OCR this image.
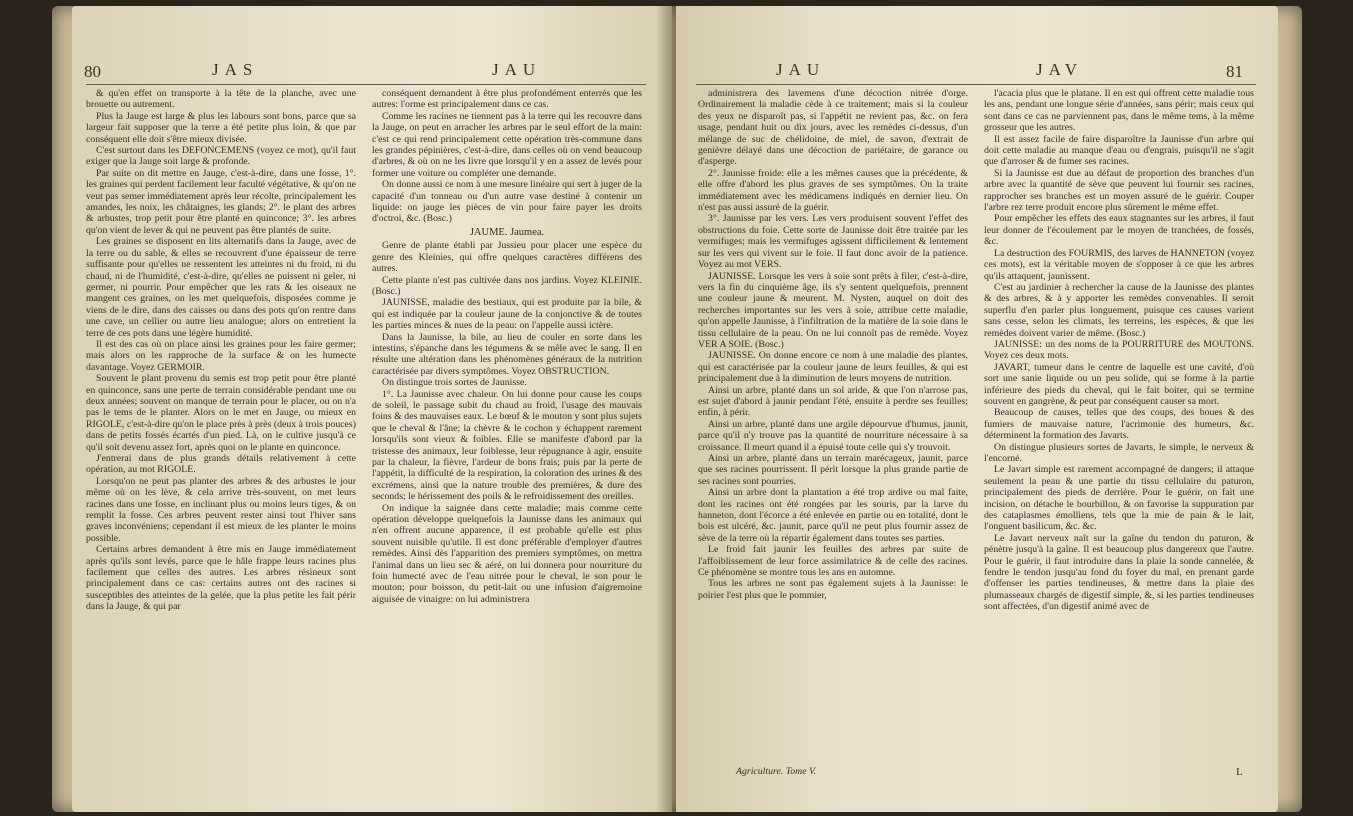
80	JAS	JAU

& qu'en effet on transporte à la tête de la planche, avec une brouette ou autrement.

Plus la Jauge est large & plus les labours sont bons, parce que sa largeur fait supposer que la terre a été petite plus loin, & que par conséquent elle doit s'être mieux divisée.

C'est surtout dans les DEFONCEMENS (voyez ce mot), qu'il faut exiger que la Jauge soit large & profonde.

Par suite on dit mettre en Jauge, c'est-à-dire, dans une fosse, 1°. les graines qui perdent facilement leur faculté végétative, & qu'on ne veut pas semer immédiatement après leur récolte, principalement les amandes, les noix, les châtaignes, les glands; 2°. le plant des arbres & arbustes, trop petit pour être planté en quinconce; 3°. les arbres qu'on vient de lever & qui ne peuvent pas être plantés de suite.

Les graines se disposent en lits alternatifs dans la Jauge, avec de la terre ou du sable, & elles se recouvrent d'une épaisseur de terre suffisante pour qu'elles ne ressentent les atteintes ni du froid, ni du chaud, ni de l'humidité, c'est-à-dire, qu'elles ne puissent ni geler, ni germer, ni pourrir. Pour empêcher que les rats & les oiseaux ne mangent ces graines, on les met quelquefois, disposées comme je viens de le dire, dans des caisses ou dans des pots qu'on rentre dans une cave, un cellier ou autre lieu analogue; alors on entretient la terre de ces pots dans une légère humidité.

Il est des cas où on place ainsi les graines pour les faire germer; mais alors on les rapproche de la surface & on les humecte davantage. Voyez GERMOIR.

Souvent le plant provenu du semis est trop petit pour être planté en quinconce, sans une perte de terrain considérable pendant une ou deux années; souvent on manque de terrain pour le placer, ou on n'a pas le tems de le planter. Alors on le met en Jauge, ou mieux en RIGOLE, c'est-à-dire qu'on le place près à près (deux à trois pouces) dans de petits fossés écartés d'un pied. Là, on le cultive jusqu'à ce qu'il soit devenu assez fort, après quoi on le plante en quinconce.

J'entrerai dans de plus grands détails relativement à cette opération, au mot RIGOLE.

Lorsqu'on ne peut pas planter des arbres & des arbustes le jour même où on les lève, & cela arrive très-souvent, on met leurs racines dans une fosse, en inclinant plus ou moins leurs tiges, & on remplit la fosse. Ces arbres peuvent rester ainsi tout l'hiver sans graves inconvéniens; cependant il est mieux de les planter le moins possible.

Certains arbres demandent à être mis en Jauge immédiatement après qu'ils sont levés, parce que le hâle frappe leurs racines plus facilement que celles des autres. Les arbres résineux sont principalement dans ce cas: certains autres ont des racines si susceptibles des atteintes de la gelée, que la plus petite les fait périr dans la Jauge, & qui par

conséquent demandent à être plus profondément enterrés que les autres: l'orme est principalement dans ce cas.

Comme les racines ne tiennent pas à la terre qui les recouvre dans la Jauge, on peut en arracher les arbres par le seul effort de la main: c'est ce qui rend principalement cette opération très-commune dans les grandes pépinières, c'est-à-dire, dans celles où on vend beaucoup d'arbres, & où on ne les livre que lorsqu'il y en a assez de levés pour former une voiture ou compléter une demande.

On donne aussi ce nom à une mesure linéaire qui sert à juger de la capacité d'un tonneau ou d'un autre vase destiné à contenir un liquide: on jauge les pièces de vin pour faire payer les droits d'octroi, &c. (Bosc.)

JAUME. Jaumea.

Genre de plante établi par Jussieu pour placer une espèce du genre des Kleinies, qui offre quelques caractères différens des autres.

Cette plante n'est pas cultivée dans nos jardins. Voyez KLEINIE. (Bosc.)

JAUNISSE, maladie des bestiaux, qui est produite par la bile, & qui est indiquée par la couleur jaune de la conjonctive & de toutes les parties minces & nues de la peau: on l'appelle aussi ictère.

Dans la Jaunisse, la bile, au lieu de couler en sorte dans les intestins, s'épanche dans les tégumens & se mêle avec le sang. Il en résulte une altération dans les phénomènes généraux de la nutrition caractérisée par divers symptômes. Voyez OBSTRUCTION.

On distingue trois sortes de Jaunisse.

1°. La Jaunisse avec chaleur. On lui donne pour cause les coups de soleil, le passage subit du chaud au froid, l'usage des mauvais foins & des mauvaises eaux. Le bœuf & le mouton y sont plus sujets que le cheval & l'âne; la chèvre & le cochon y échappent rarement lorsqu'ils sont vieux & foibles. Elle se manifeste d'abord par la tristesse des animaux, leur foiblesse, leur répugnance à agir, ensuite par la chaleur, la fièvre, l'ardeur de bons frais; puis par la perte de l'appétit, la difficulté de la respiration, la coloration des urines & des excrémens, ainsi que la nature trouble des premières, & dure des seconds; le hérissement des poils & le refroidissement des oreilles.

On indique la saignée dans cette maladie; mais comme cette opération développe quelquefois la Jaunisse dans les animaux qui n'en offrent aucune apparence, il est probable qu'elle est plus souvent nuisible qu'utile. Il est donc préférable d'employer d'autres remèdes. Ainsi dès l'apparition des premiers symptômes, on mettra l'animal dans un lieu sec & aéré, on lui donnera pour nourriture du foin humecté avec de l'eau nitrée pour le cheval, le son pour le mouton; pour boisson, du petit-lait ou une infusion d'aigremoine aiguisée de vinaigre: on lui administrera

JAU	JAV	81

administrera des lavemens d'une décoction nitrée d'orge. Ordinairement la maladie cède à ce traitement; mais si la couleur des yeux ne disparoît pas, si l'appétit ne revient pas, &c. on fera usage, pendant huit ou dix jours, avec les remèdes ci-dessus, d'un mélange de suc de chélidoine, de miel, de savon, d'extrait de genièvre délayé dans une décoction de pariétaire, de garance ou d'asperge.

2°. Jaunisse froide: elle a les mêmes causes que la précédente, & elle offre d'abord les plus graves de ses symptômes. On la traite immédiatement avec les médicamens indiqués en dernier lieu. On n'est pas aussi assuré de la guérir.

3°. Jaunisse par les vers. Les vers produisent souvent l'effet des obstructions du foie. Cette sorte de Jaunisse doit être traitée par les vermifuges; mais les vermifuges agissent difficilement & lentement sur les vers qui vivent sur le foie. Il faut donc avoir de la patience. Voyez au mot VERS.

JAUNISSE. Lorsque les vers à soie sont prêts à filer, c'est-à-dire, vers la fin du cinquième âge, ils s'y sentent quelquefois, prennent une couleur jaune & meurent. M. Nysten, auquel on doit des recherches importantes sur les vers à soie, attribue cette maladie, qu'on appelle Jaunisse, à l'infiltration de la matière de la soie dans le tissu cellulaire de la peau. On ne lui connoît pas de remède. Voyez VER A SOIE. (Bosc.)

JAUNISSE. On donne encore ce nom à une maladie des plantes, qui est caractérisée par la couleur jaune de leurs feuilles, & qui est principalement due à la diminution de leurs moyens de nutrition.

Ainsi un arbre, planté dans un sol aride, & que l'on n'arrose pas, est sujet d'abord à jaunir pendant l'été, ensuite à perdre ses feuilles; enfin, à périr.

Ainsi un arbre, planté dans une argile dépourvue d'humus, jaunit, parce qu'il n'y trouve pas la quantité de nourriture nécessaire à sa croissance. Il meurt quand il a épuisé toute celle qui s'y trouvoit.

Ainsi un arbre, planté dans un terrain marécageux, jaunit, parce que ses racines pourrissent. Il périt lorsque la plus grande partie de ses racines sont pourries.

Ainsi un arbre dont la plantation a été trop ardive ou mal faite, dont les racines ont été rongées par les souris, par la larve du hanneton, dont l'écorce a été enlevée en partie ou en totalité, dont le bois est ulcéré, &c. jaunit, parce qu'il ne peut plus fournir assez de sève de la terre où la répartir également dans toutes ses parties.

Le froid fait jaunir les feuilles des arbres par suite de l'affoiblissement de leur force assimilatrice & de celle des racines. Ce phénomène se montre tous les ans en automne.

Tous les arbres ne sont pas également sujets à la Jaunisse: le poirier l'est plus que le pommier,

Agriculture. Tome V.

l'acacia plus que le platane. Il en est qui offrent cette maladie tous les ans, pendant une longue série d'années, sans périr; mais ceux qui sont dans ce cas ne parviennent pas, dans le même tems, à la même grosseur que les autres.

Il est assez facile de faire disparoître la Jaunisse d'un arbre qui doit cette maladie au manque d'eau ou d'engrais, puisqu'il ne s'agit que d'arroser & de fumer ses racines.

Si la Jaunisse est due au défaut de proportion des branches d'un arbre avec la quantité de sève que peuvent lui fournir ses racines, rapprocher ses branches est un moyen assuré de le guérir. Couper l'arbre rez terre produit encore plus sûrement le même effet.

Pour empêcher les effets des eaux stagnantes sur les arbres, il faut leur donner de l'écoulement par le moyen de tranchées, de fossés, &c.

La destruction des FOURMIS, des larves de HANNETON (voyez ces mots), est la véritable moyen de s'opposer à ce que les arbres qu'ils attaquent, jaunissent.

C'est au jardinier à rechercher la cause de la Jaunisse des plantes & des arbres, & à y apporter les remèdes convenables. Il seroit superflu d'en parler plus longuement, puisque ces causes varient sans cesse, selon les climats, les terreins, les espèces, & que les remèdes doivent varier de même. (Bosc.)

JAUNISSE: un des noms de la POURRITURE des MOUTONS. Voyez ces deux mots.

JAVART, tumeur dans le centre de laquelle est une cavité, d'où sort une sanie liquide ou un peu solide, qui se forme à la partie inférieure des pieds du cheval, qui le fait boiter, qui se termine souvent en gangrène, & peut par conséquent causer sa mort.

Beaucoup de causes, telles que des coups, des boues & des fumiers de mauvaise nature, l'acrimonie des humeurs, &c. déterminent la formation des Javarts.

On distingue plusieurs sortes de Javarts, le simple, le nerveux & l'encorné.

Le Javart simple est rarement accompagné de dangers; il attaque seulement la peau & une partie du tissu cellulaire du paturon, principalement des pieds de derrière. Pour le guérir, on fait une incision, on détache le bourbillon, & on favorise la suppuration par des cataplasmes émolliens, tels que la mie de pain & le lait, l'onguent basilicum, &c. &c.

Le Javart nerveux naît sur la gaîne du tendon du paturon, & pénètre jusqu'à la gaîne. Il est beaucoup plus dangereux que l'autre. Pour le guérir, il faut introduire dans la plaie la sonde cannelée, & fendre le tendon jusqu'au fond du foyer du mal, en prenant garde d'offenser les parties tendineuses, & mettre dans la plaie des plumasseaux chargés de digestif simple, &, si les parties tendineuses sont affectées, d'un digestif animé avec de

L
